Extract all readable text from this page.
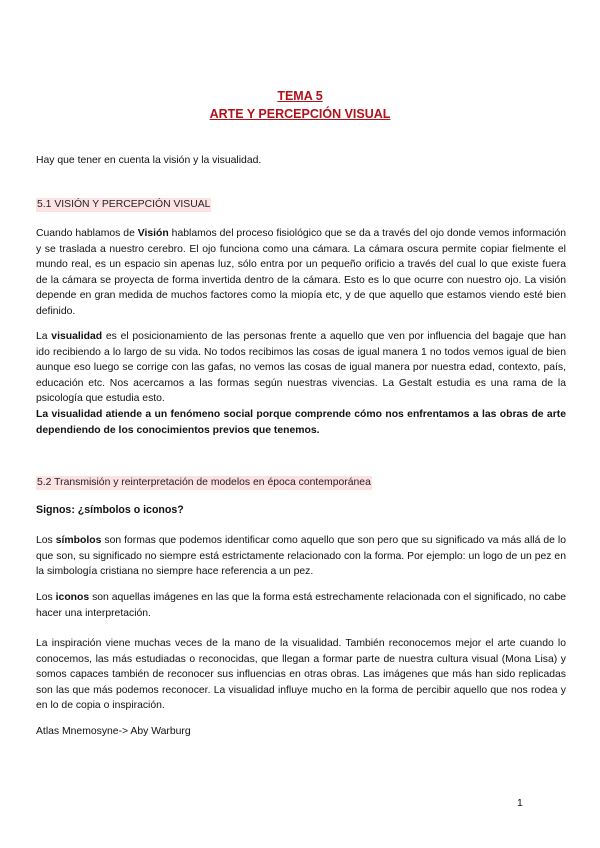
TEMA 5
ARTE Y PERCEPCIÓN VISUAL

Hay que tener en cuenta la visión y la visualidad.

5.1 VISIÓN Y PERCEPCIÓN VISUAL

Cuando hablamos de Visión hablamos del proceso fisiológico que se da a través del ojo donde vemos información y se traslada a nuestro cerebro. El ojo funciona como una cámara. La cámara oscura permite copiar fielmente el mundo real, es un espacio sin apenas luz, sólo entra por un pequeño orificio a través del cual lo que existe fuera de la cámara se proyecta de forma invertida dentro de la cámara. Esto es lo que ocurre con nuestro ojo. La visión depende en gran medida de muchos factores como la miopía etc, y de que aquello que estamos viendo esté bien definido.

La visualidad es el posicionamiento de las personas frente a aquello que ven por influencia del bagaje que han ido recibiendo a lo largo de su vida. No todos recibimos las cosas de igual manera 1 no todos vemos igual de bien aunque eso luego se corrige con las gafas, no vemos las cosas de igual manera por nuestra edad, contexto, país, educación etc. Nos acercamos a las formas según nuestras vivencias. La Gestalt estudia es una rama de la psicología que estudia esto.
La visualidad atiende a un fenómeno social porque comprende cómo nos enfrentamos a las obras de arte dependiendo de los conocimientos previos que tenemos.

5.2 Transmisión y reinterpretación de modelos en época contemporánea
Signos: ¿símbolos o iconos?

Los símbolos son formas que podemos identificar como aquello que son pero que su significado va más allá de lo que son, su significado no siempre está estrictamente relacionado con la forma. Por ejemplo: un logo de un pez en la simbología cristiana no siempre hace referencia a un pez.

Los iconos son aquellas imágenes en las que la forma está estrechamente relacionada con el significado, no cabe hacer una interpretación.

La inspiración viene muchas veces de la mano de la visualidad. También reconocemos mejor el arte cuando lo conocemos, las más estudiadas o reconocidas, que llegan a formar parte de nuestra cultura visual (Mona Lisa) y somos capaces también de reconocer sus influencias en otras obras. Las imágenes que más han sido replicadas son las que más podemos reconocer. La visualidad influye mucho en la forma de percibir aquello que nos rodea y en lo de copia o inspiración.

Atlas Mnemosyne-> Aby Warburg

1
